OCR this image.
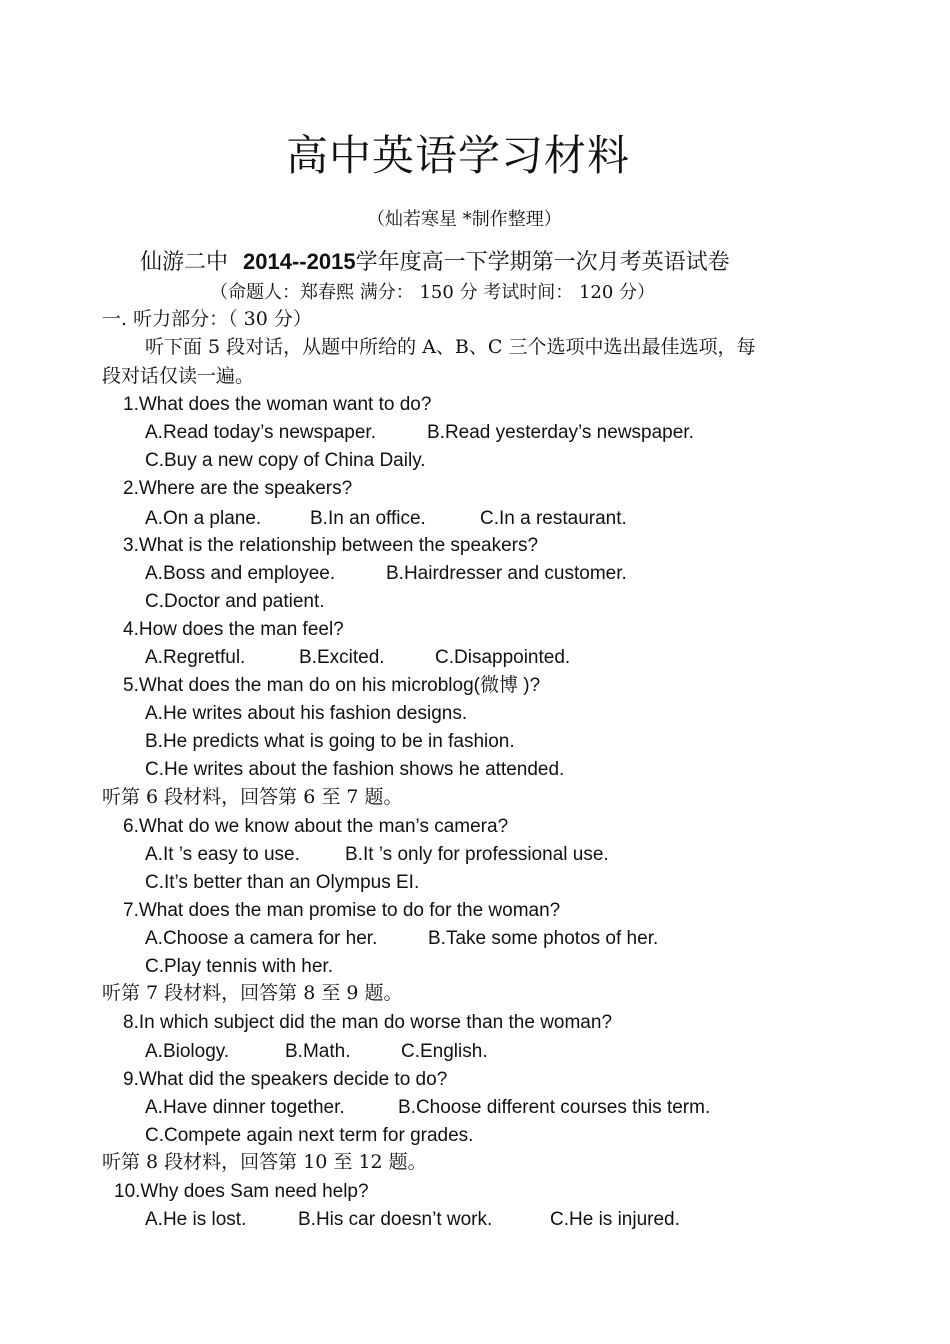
高中英语学习材料
（灿若寒星 *制作整理）
仙游二中 2014--2015学年度高一下学期第一次月考英语试卷
（命题人：郑春熙 满分： 150 分 考试时间： 120 分）
一. 听力部分：（ 30 分）
听下面 5 段对话，从题中所给的 A、B、C 三个选项中选出最佳选项，每
段对话仅读一遍。
1.What does the woman want to do?
A.Read today’s newspaper.	B.Read yesterday’s newspaper.
C.Buy a new copy of China Daily.
2.Where are the speakers?
A.On a plane.	B.In an office.	C.In a restaurant.
3.What is the relationship between the speakers?
A.Boss and employee.	B.Hairdresser and customer.
C.Doctor and patient.
4.How does the man feel?
A.Regretful.	B.Excited.	C.Disappointed.
5.What does the man do on his microblog(微博 )?
A.He writes about his fashion designs.
B.He predicts what is going to be in fashion.
C.He writes about the fashion shows he attended.
听第 6 段材料，回答第 6 至 7 题。
6.What do we know about the man’s camera?
A.It ’s easy to use. B.It ’s only for professional use.
C.It’s better than an Olympus EI.
7.What does the man promise to do for the woman?
A.Choose a camera for her.	B.Take some photos of her.
C.Play tennis with her.
听第 7 段材料，回答第 8 至 9 题。
8.In which subject did the man do worse than the woman?
A.Biology.	B.Math.	C.English.
9.What did the speakers decide to do?
A.Have dinner together.	B.Choose different courses this term.
C.Compete again next term for grades.
听第 8 段材料，回答第 10 至 12 题。
10.Why does Sam need help?
A.He is lost.	B.His car doesn’t work.	C.He is injured.
